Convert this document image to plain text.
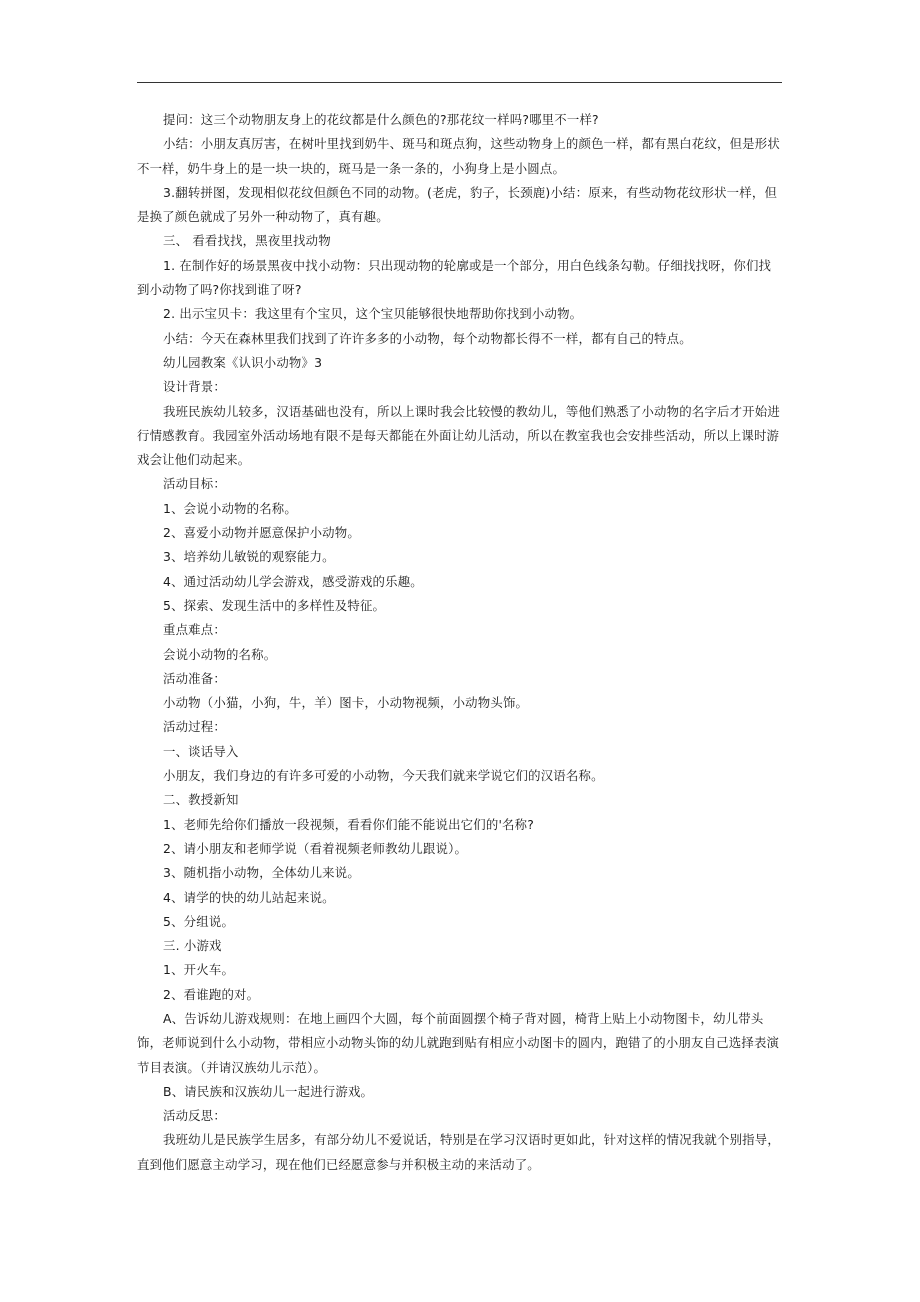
提问：这三个动物朋友身上的花纹都是什么颜色的?那花纹一样吗?哪里不一样?

小结：小朋友真厉害，在树叶里找到奶牛、斑马和斑点狗，这些动物身上的颜色一样，都有黑白花纹，但是形状不一样，奶牛身上的是一块一块的，斑马是一条一条的，小狗身上是小圆点。

3.翻转拼图，发现相似花纹但颜色不同的动物。(老虎，豹子，长颈鹿)小结：原来，有些动物花纹形状一样，但是换了颜色就成了另外一种动物了，真有趣。

三、 看看找找，黑夜里找动物

1. 在制作好的场景黑夜中找小动物：只出现动物的轮廓或是一个部分，用白色线条勾勒。仔细找找呀，你们找到小动物了吗?你找到谁了呀?

2. 出示宝贝卡：我这里有个宝贝，这个宝贝能够很快地帮助你找到小动物。

小结：今天在森林里我们找到了许许多多的小动物，每个动物都长得不一样，都有自己的特点。

幼儿园教案《认识小动物》3

设计背景：

我班民族幼儿较多，汉语基础也没有，所以上课时我会比较慢的教幼儿，等他们熟悉了小动物的名字后才开始进行情感教育。我园室外活动场地有限不是每天都能在外面让幼儿活动，所以在教室我也会安排些活动，所以上课时游戏会让他们动起来。

活动目标：

1、会说小动物的名称。

2、喜爱小动物并愿意保护小动物。

3、培养幼儿敏锐的观察能力。

4、通过活动幼儿学会游戏，感受游戏的乐趣。

5、探索、发现生活中的多样性及特征。

重点难点：

会说小动物的名称。

活动准备：

小动物（小猫，小狗，牛，羊）图卡，小动物视频，小动物头饰。

活动过程：

一、谈话导入

小朋友，我们身边的有许多可爱的小动物，今天我们就来学说它们的汉语名称。

二、教授新知

1、老师先给你们播放一段视频，看看你们能不能说出它们的'名称?

2、请小朋友和老师学说（看着视频老师教幼儿跟说）。

3、随机指小动物，全体幼儿来说。

4、请学的快的幼儿站起来说。

5、分组说。

三. 小游戏

1、开火车。

2、看谁跑的对。

A、告诉幼儿游戏规则：在地上画四个大圆，每个前面圆摆个椅子背对圆，椅背上贴上小动物图卡，幼儿带头饰，老师说到什么小动物，带相应小动物头饰的幼儿就跑到贴有相应小动图卡的圆内，跑错了的小朋友自己选择表演节目表演。（并请汉族幼儿示范）。

B、请民族和汉族幼儿一起进行游戏。

活动反思：

我班幼儿是民族学生居多，有部分幼儿不爱说话，特别是在学习汉语时更如此，针对这样的情况我就个别指导，直到他们愿意主动学习，现在他们已经愿意参与并积极主动的来活动了。
